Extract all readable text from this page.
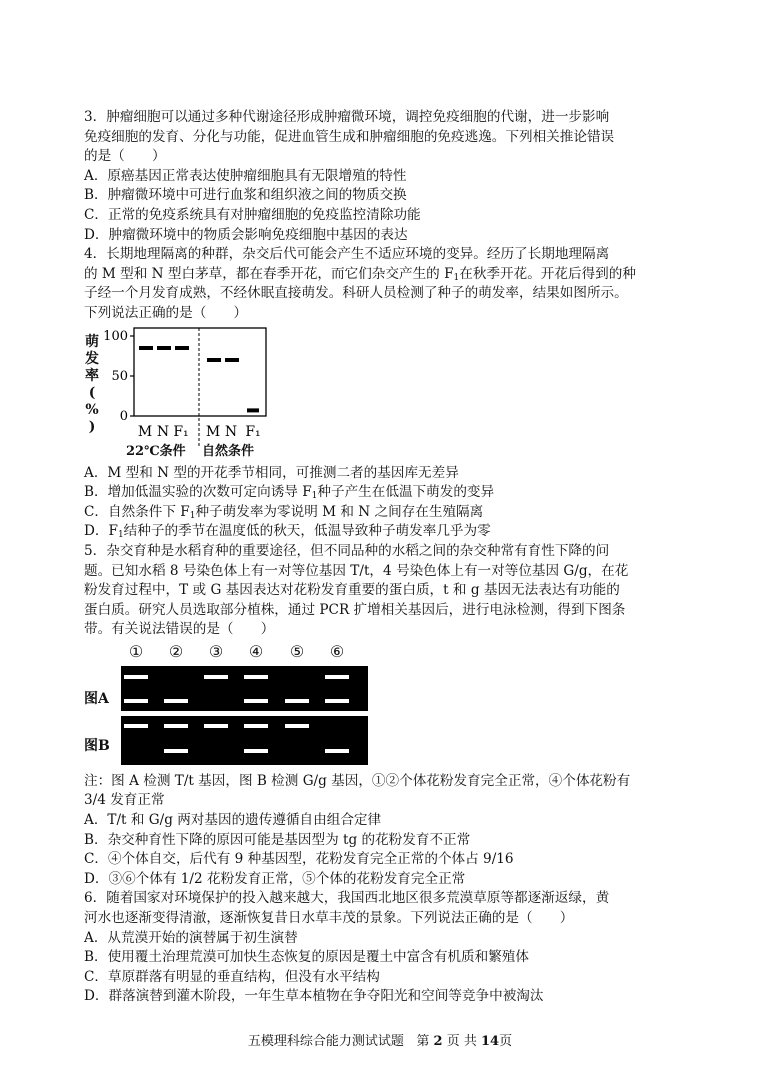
3．肿瘤细胞可以通过多种代谢途径形成肿瘤微环境，调控免疫细胞的代谢，进一步影响

免疫细胞的发育、分化与功能，促进血管生成和肿瘤细胞的免疫逃逸。下列相关推论错误

的是（　　）

A．原癌基因正常表达使肿瘤细胞具有无限增殖的特性

B．肿瘤微环境中可进行血浆和组织液之间的物质交换

C．正常的免疫系统具有对肿瘤细胞的免疫监控清除功能

D．肿瘤微环境中的物质会影响免疫细胞中基因的表达

4．长期地理隔离的种群，杂交后代可能会产生不适应环境的变异。经历了长期地理隔离

的 M 型和 N 型白茅草，都在春季开花，而它们杂交产生的 $F_1$在秋季开花。开花后得到的种

子经一个月发育成熟，不经休眠直接萌发。科研人员检测了种子的萌发率，结果如图所示。

下列说法正确的是（　　）

萌
发
率
(
%
)
100
50
0
M N F₁ M N F₁
22℃条件 自然条件

A．M 型和 N 型的开花季节相同，可推测二者的基因库无差异

B．增加低温实验的次数可定向诱导 $F_1$种子产生在低温下萌发的变异

C．自然条件下 $F_1$种子萌发率为零说明 M 和 N 之间存在生殖隔离

D．$F_1$结种子的季节在温度低的秋天，低温导致种子萌发率几乎为零

5．杂交育种是水稻育种的重要途径，但不同品种的水稻之间的杂交种常有育性下降的问

题。已知水稻 8 号染色体上有一对等位基因 T/t，4 号染色体上有一对等位基因 G/g，在花

粉发育过程中，T 或 G 基因表达对花粉发育重要的蛋白质，t 和 g 基因无法表达有功能的

蛋白质。研究人员选取部分植株，通过 PCR 扩增相关基因后，进行电泳检测，得到下图条

带。有关说法错误的是（　　）

图A
图B
①	②	③	④	⑤	⑥

注：图 A 检测 T/t 基因，图 B 检测 G/g 基因，①②个体花粉发育完全正常，④个体花粉有

3/4 发育正常

A．T/t 和 G/g 两对基因的遗传遵循自由组合定律

B．杂交种育性下降的原因可能是基因型为 tg 的花粉发育不正常

C．④个体自交，后代有 9 种基因型，花粉发育完全正常的个体占 9/16

D．③⑥个体有 1/2 花粉发育正常，⑤个体的花粉发育完全正常

6．随着国家对环境保护的投入越来越大，我国西北地区很多荒漠草原等都逐渐返绿，黄

河水也逐渐变得清澈，逐渐恢复昔日水草丰茂的景象。下列说法正确的是（　　）

A．从荒漠开始的演替属于初生演替

B．使用覆土治理荒漠可加快生态恢复的原因是覆土中富含有机质和繁殖体

C．草原群落有明显的垂直结构，但没有水平结构

D．群落演替到灌木阶段，一年生草本植物在争夺阳光和空间等竞争中被淘汰

五模理科综合能力测试试题 第 2 页 共 14页
